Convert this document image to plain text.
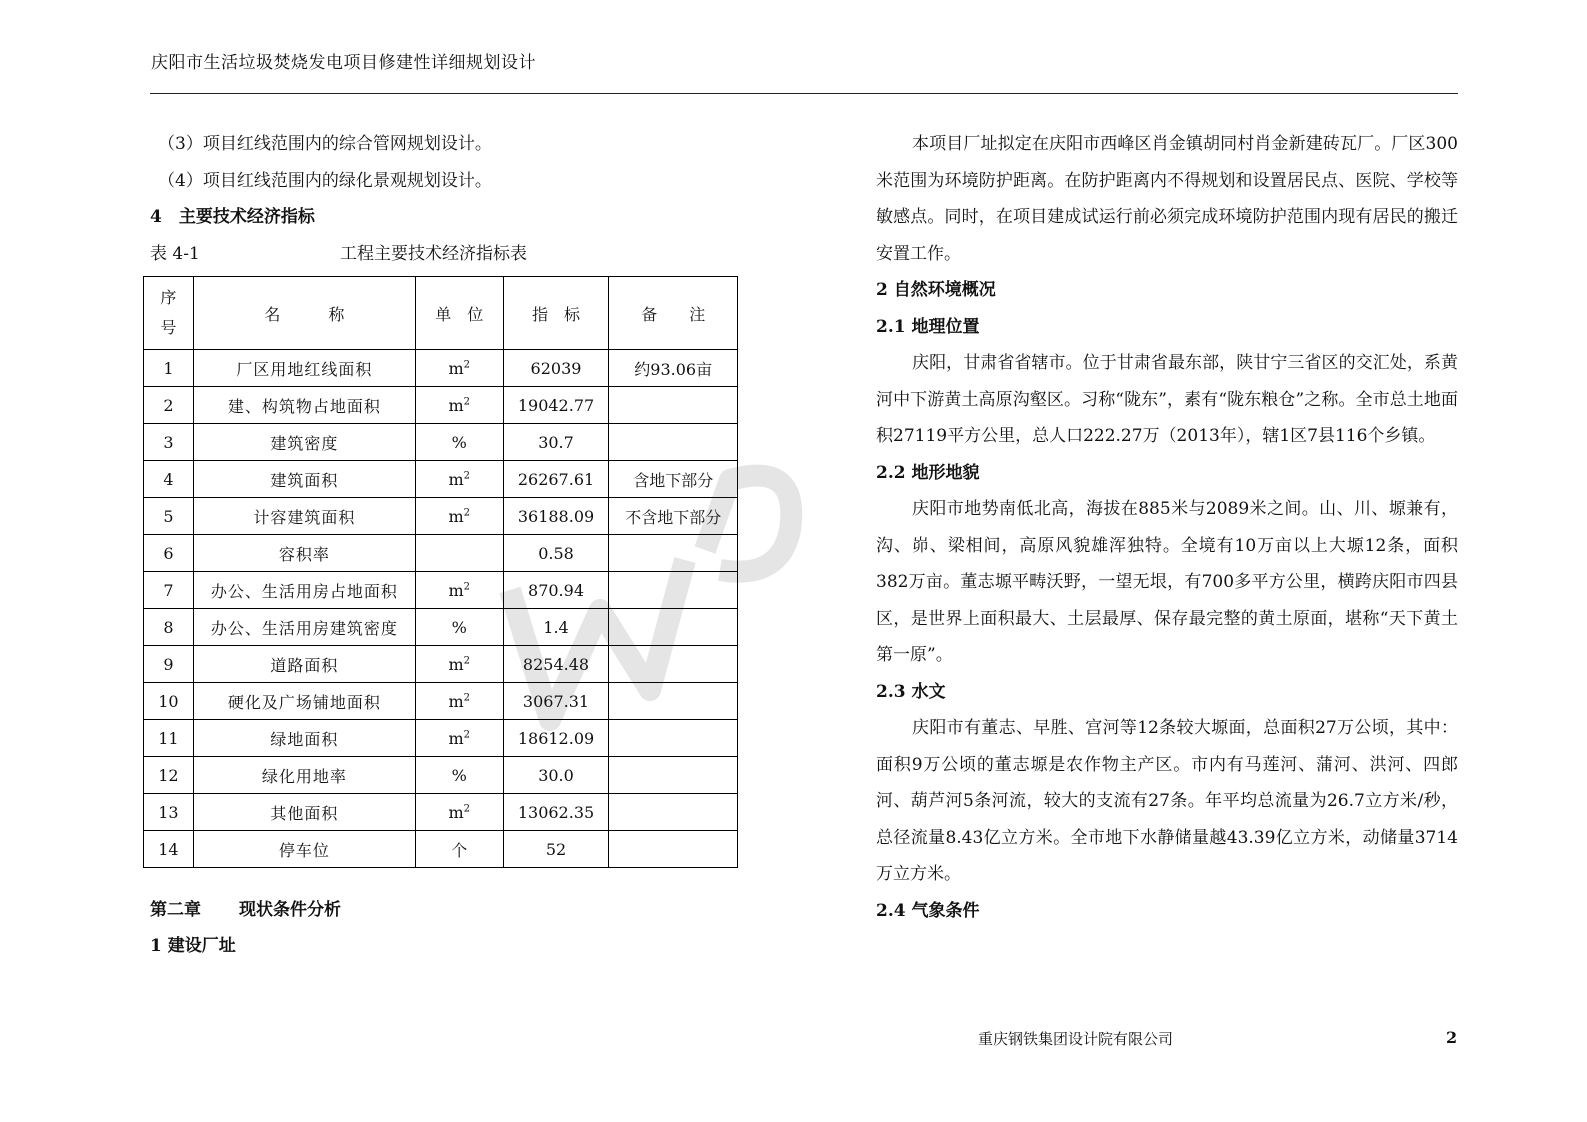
庆阳市生活垃圾焚烧发电项目修建性详细规划设计
（3）项目红线范围内的综合管网规划设计。
（4）项目红线范围内的绿化景观规划设计。
4　主要技术经济指标
表 4-1	工程主要技术经济指标表
序
号	名　　　称	单　位	指　标	备　　注
1	厂区用地红线面积	$m^2$	62039	约93.06亩
2	建、构筑物占地面积	$m^2$	19042.77	
3	建筑密度	%	30.7	
4	建筑面积	$m^2$	26267.61	含地下部分
5	计容建筑面积	$m^2$	36188.09	不含地下部分
6	容积率		0.58	
7	办公、生活用房占地面积	$m^2$	870.94	
8	办公、生活用房建筑密度	%	1.4	
9	道路面积	$m^2$	8254.48	
10	硬化及广场铺地面积	$m^2$	3067.31	
11	绿地面积	$m^2$	18612.09	
12	绿化用地率	%	30.0	
13	其他面积	$m^2$	13062.35	
14	停车位	个	52	
第二章 现状条件分析
1 建设厂址

本项目厂址拟定在庆阳市西峰区肖金镇胡同村肖金新建砖瓦厂。厂区300米范围为环境防护距离。在防护距离内不得规划和设置居民点、医院、学校等敏感点。同时，在项目建成试运行前必须完成环境防护范围内现有居民的搬迁安置工作。

2 自然环境概况
2.1 地理位置

庆阳，甘肃省省辖市。位于甘肃省最东部，陕甘宁三省区的交汇处，系黄河中下游黄土高原沟壑区。习称“陇东”，素有“陇东粮仓”之称。全市总土地面积27119平方公里，总人口222.27万（2013年），辖1区7县116个乡镇。

2.2 地形地貌

庆阳市地势南低北高，海拔在885米与2089米之间。山、川、塬兼有，沟、峁、梁相间，高原风貌雄浑独特。全境有10万亩以上大塬12条，面积382万亩。董志塬平畴沃野，一望无垠，有700多平方公里，横跨庆阳市四县区，是世界上面积最大、土层最厚、保存最完整的黄土原面，堪称“天下黄土第一原”。

2.3 水文

庆阳市有董志、早胜、宫河等12条较大塬面，总面积27万公顷，其中：面积9万公顷的董志塬是农作物主产区。市内有马莲河、蒲河、洪河、四郎河、葫芦河5条河流，较大的支流有27条。年平均总流量为26.7立方米/秒，总径流量8.43亿立方米。全市地下水静储量越43.39亿立方米，动储量3714万立方米。

2.4 气象条件
重庆钢铁集团设计院有限公司	2
